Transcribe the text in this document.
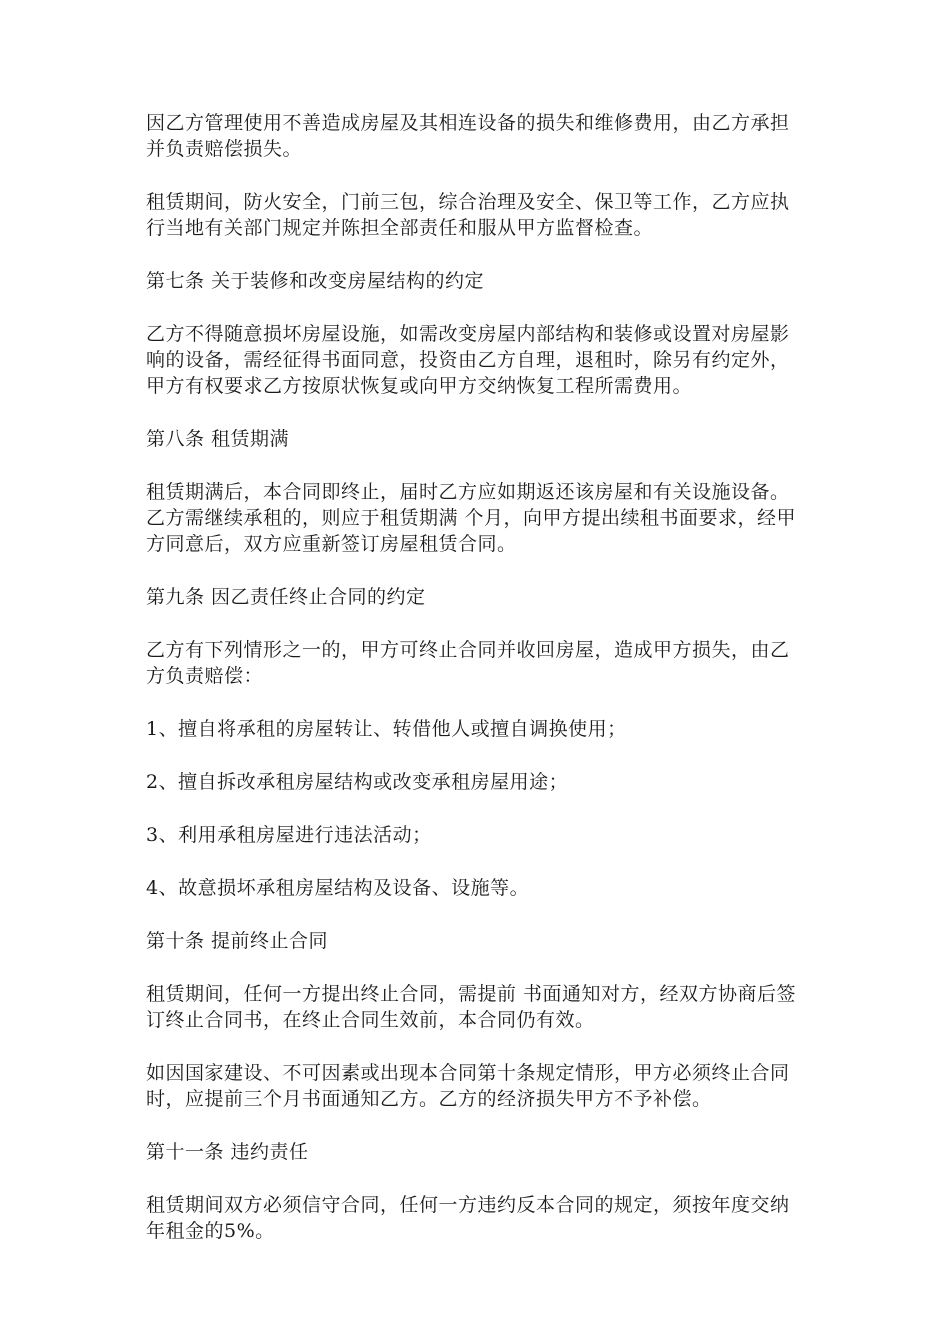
因乙方管理使用不善造成房屋及其相连设备的损失和维修费用，由乙方承担并负责赔偿损失。

租赁期间，防火安全，门前三包，综合治理及安全、保卫等工作，乙方应执行当地有关部门规定并陈担全部责任和服从甲方监督检查。

第七条 关于装修和改变房屋结构的约定

乙方不得随意损坏房屋设施，如需改变房屋内部结构和装修或设置对房屋影响的设备，需经征得书面同意，投资由乙方自理，退租时，除另有约定外，甲方有权要求乙方按原状恢复或向甲方交纳恢复工程所需费用。

第八条 租赁期满

租赁期满后，本合同即终止，届时乙方应如期返还该房屋和有关设施设备。乙方需继续承租的，则应于租赁期满 个月，向甲方提出续租书面要求，经甲方同意后，双方应重新签订房屋租赁合同。

第九条 因乙责任终止合同的约定

乙方有下列情形之一的，甲方可终止合同并收回房屋，造成甲方损失，由乙方负责赔偿：

1、擅自将承租的房屋转让、转借他人或擅自调换使用；

2、擅自拆改承租房屋结构或改变承租房屋用途；

3、利用承租房屋进行违法活动；

4、故意损坏承租房屋结构及设备、设施等。

第十条 提前终止合同

租赁期间，任何一方提出终止合同，需提前 书面通知对方，经双方协商后签订终止合同书，在终止合同生效前，本合同仍有效。

如因国家建设、不可因素或出现本合同第十条规定情形，甲方必须终止合同时，应提前三个月书面通知乙方。乙方的经济损失甲方不予补偿。

第十一条 违约责任

租赁期间双方必须信守合同，任何一方违约反本合同的规定，须按年度交纳年租金的5%。
